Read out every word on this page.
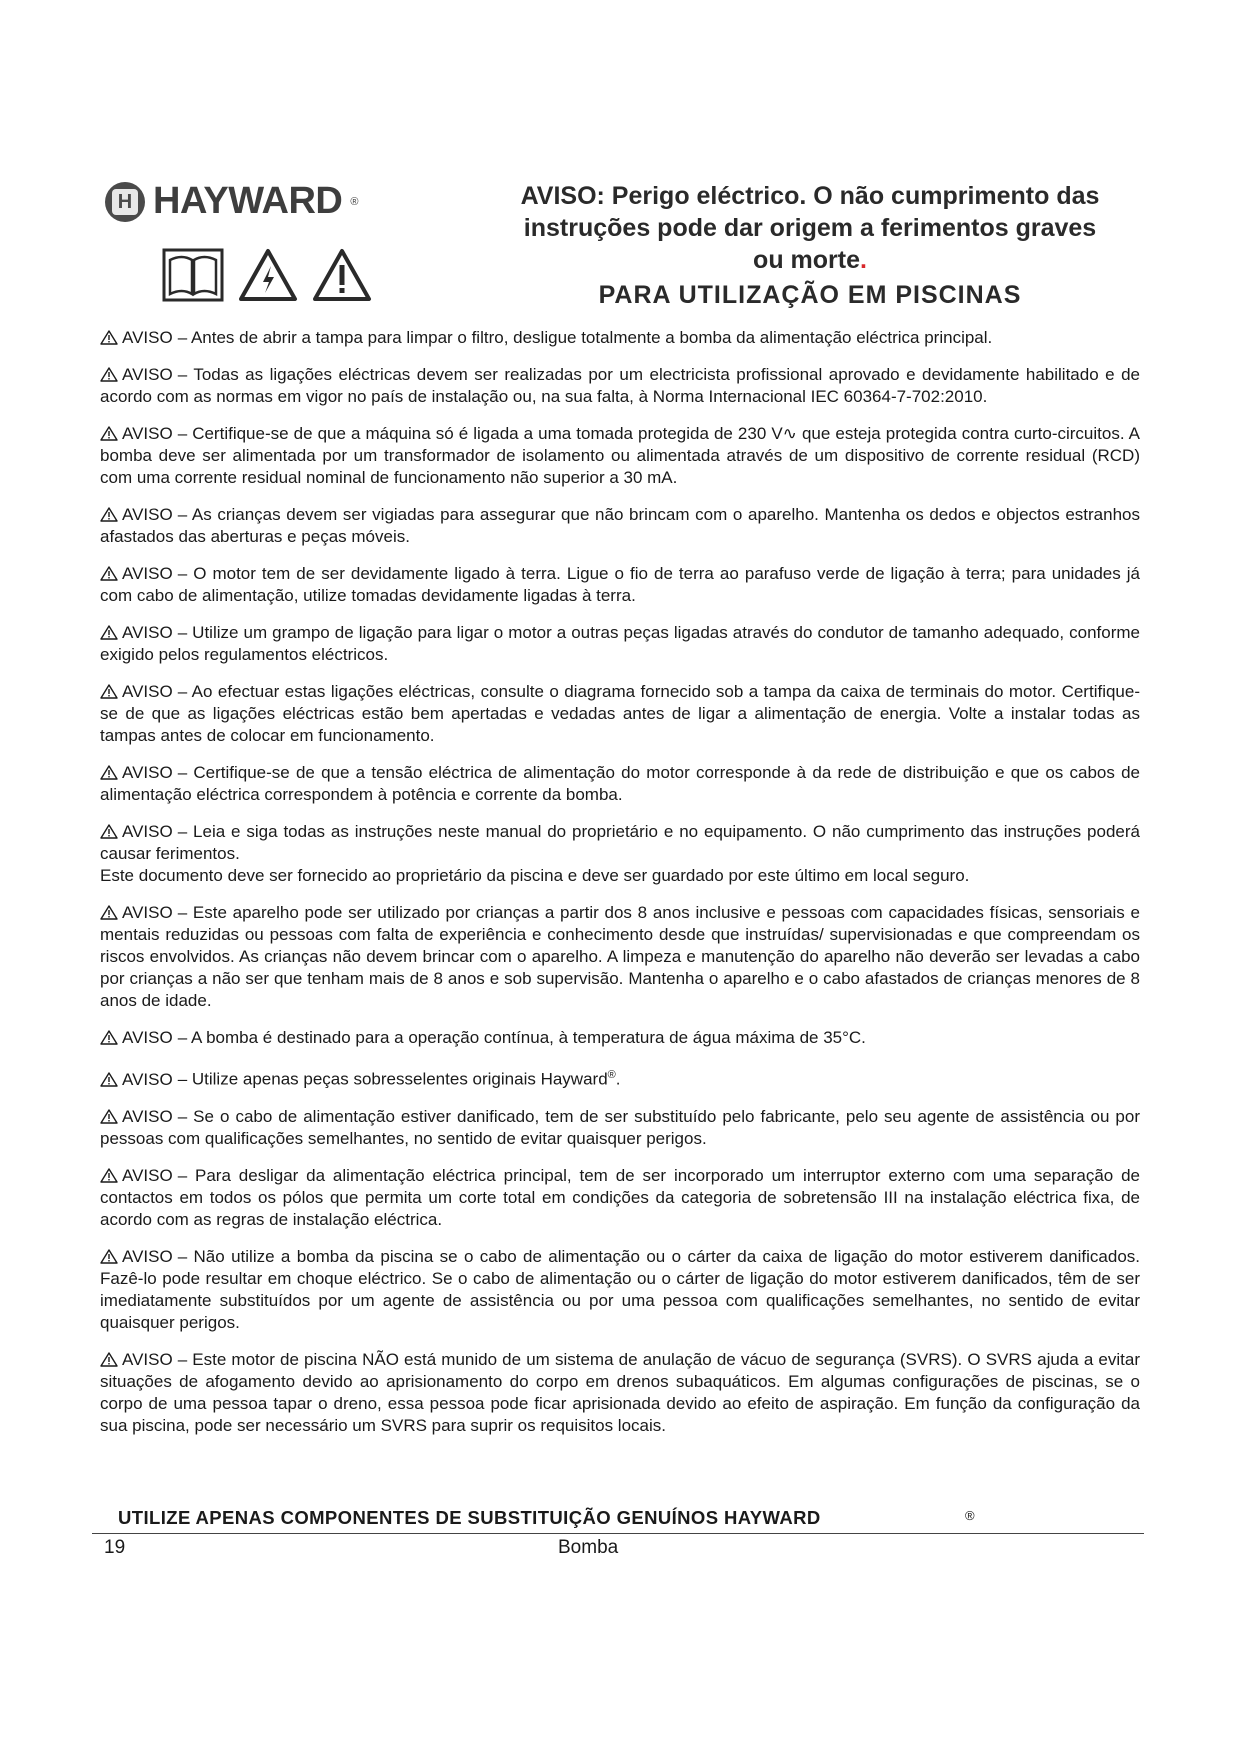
H
HAYWARD ®	AVISO: Perigo eléctrico. O não cumprimento das
instruções pode dar origem a ferimentos graves
ou morte.
PARA UTILIZAÇÃO EM PISCINAS

AVISO – Antes de abrir a tampa para limpar o filtro, desligue totalmente a bomba da alimentação eléctrica principal.

AVISO – Todas as ligações eléctricas devem ser realizadas por um electricista profissional aprovado e devidamente habilitado e de acordo com as normas em vigor no país de instalação ou, na sua falta, à Norma Internacional IEC 60364-7-702:2010.

AVISO – Certifique-se de que a máquina só é ligada a uma tomada protegida de 230 V∿ que esteja protegida contra curto-circuitos. A bomba deve ser alimentada por um transformador de isolamento ou alimentada através de um dispositivo de corrente residual (RCD) com uma corrente residual nominal de funcionamento não superior a 30 mA.

AVISO – As crianças devem ser vigiadas para assegurar que não brincam com o aparelho. Mantenha os dedos e objectos estranhos afastados das aberturas e peças móveis.

AVISO – O motor tem de ser devidamente ligado à terra. Ligue o fio de terra ao parafuso verde de ligação à terra; para unidades já com cabo de alimentação, utilize tomadas devidamente ligadas à terra.

AVISO – Utilize um grampo de ligação para ligar o motor a outras peças ligadas através do condutor de tamanho adequado, conforme exigido pelos regulamentos eléctricos.

AVISO – Ao efectuar estas ligações eléctricas, consulte o diagrama fornecido sob a tampa da caixa de terminais do motor. Certifique-se de que as ligações eléctricas estão bem apertadas e vedadas antes de ligar a alimentação de energia. Volte a instalar todas as tampas antes de colocar em funcionamento.

AVISO – Certifique-se de que a tensão eléctrica de alimentação do motor corresponde à da rede de distribuição e que os cabos de alimentação eléctrica correspondem à potência e corrente da bomba.

AVISO – Leia e siga todas as instruções neste manual do proprietário e no equipamento. O não cumprimento das instruções poderá causar ferimentos.
Este documento deve ser fornecido ao proprietário da piscina e deve ser guardado por este último em local seguro.

AVISO – Este aparelho pode ser utilizado por crianças a partir dos 8 anos inclusive e pessoas com capacidades físicas, sensoriais e mentais reduzidas ou pessoas com falta de experiência e conhecimento desde que instruídas/ supervisionadas e que compreendam os riscos envolvidos. As crianças não devem brincar com o aparelho. A limpeza e manutenção do aparelho não deverão ser levadas a cabo por crianças a não ser que tenham mais de 8 anos e sob supervisão. Mantenha o aparelho e o cabo afastados de crianças menores de 8 anos de idade.

AVISO – A bomba é destinado para a operação contínua, à temperatura de água máxima de 35°C.

AVISO – Utilize apenas peças sobresselentes originais Hayward®.

AVISO – Se o cabo de alimentação estiver danificado, tem de ser substituído pelo fabricante, pelo seu agente de assistência ou por pessoas com qualificações semelhantes, no sentido de evitar quaisquer perigos.

AVISO – Para desligar da alimentação eléctrica principal, tem de ser incorporado um interruptor externo com uma separação de contactos em todos os pólos que permita um corte total em condições da categoria de sobretensão III na instalação eléctrica fixa, de acordo com as regras de instalação eléctrica.

AVISO – Não utilize a bomba da piscina se o cabo de alimentação ou o cárter da caixa de ligação do motor estiverem danificados. Fazê-lo pode resultar em choque eléctrico. Se o cabo de alimentação ou o cárter de ligação do motor estiverem danificados, têm de ser imediatamente substituídos por um agente de assistência ou por uma pessoa com qualificações semelhantes, no sentido de evitar quaisquer perigos.

AVISO – Este motor de piscina NÃO está munido de um sistema de anulação de vácuo de segurança (SVRS). O SVRS ajuda a evitar situações de afogamento devido ao aprisionamento do corpo em drenos subaquáticos. Em algumas configurações de piscinas, se o corpo de uma pessoa tapar o dreno, essa pessoa pode ficar aprisionada devido ao efeito de aspiração. Em função da configuração da sua piscina, pode ser necessário um SVRS para suprir os requisitos locais.

UTILIZE APENAS COMPONENTES DE SUBSTITUIÇÃO GENUÍNOS HAYWARD	®
19	Bomba
